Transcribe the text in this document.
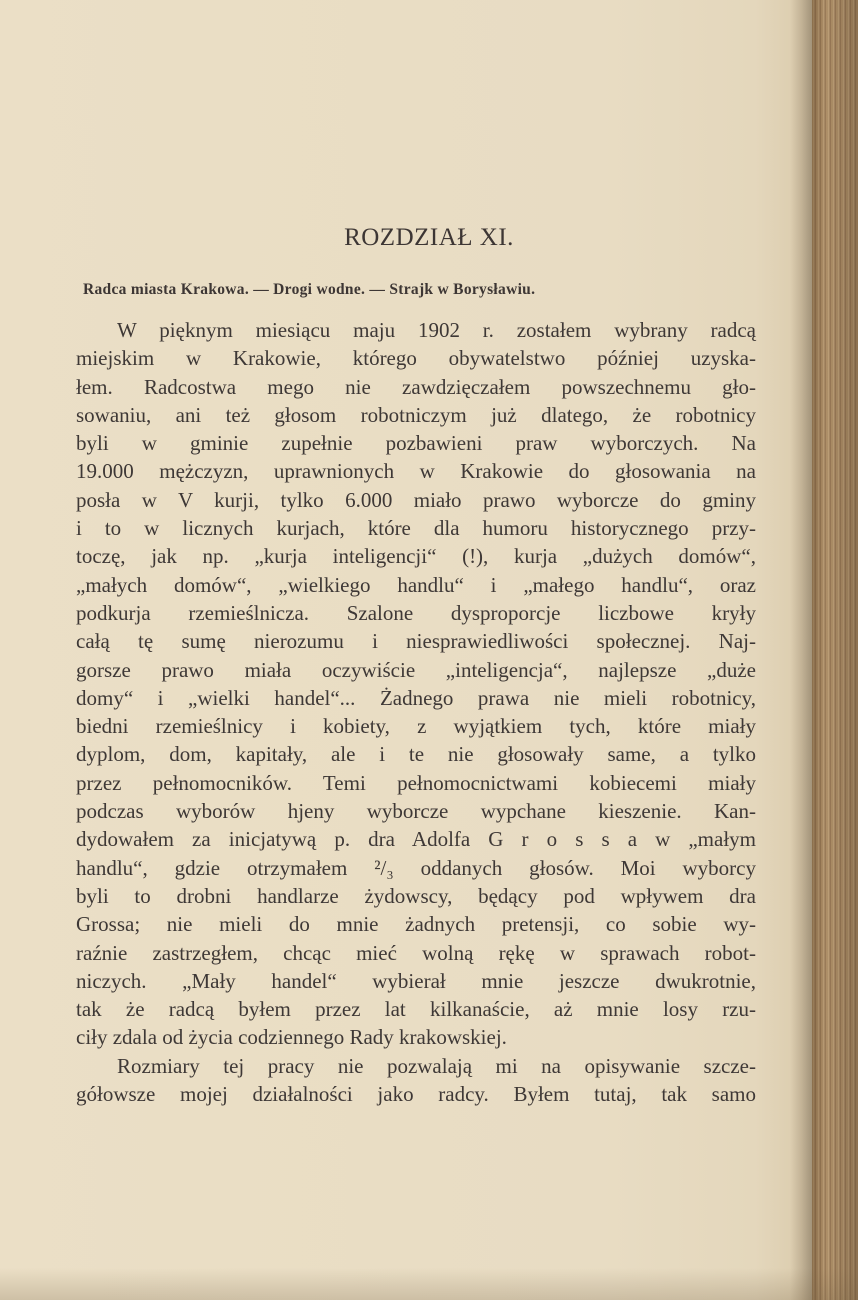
ROZDZIAŁ XI.
Radca miasta Krakowa. — Drogi wodne. — Strajk w Borysławiu.
W pięknym miesiącu maju 1902 r. zostałem wybrany radcą
miejskim w Krakowie, którego obywatelstwo później uzyska-
łem. Radcostwa mego nie zawdzięczałem powszechnemu gło-
sowaniu, ani też głosom robotniczym już dlatego, że robotnicy
byli w gminie zupełnie pozbawieni praw wyborczych. Na
19.000 mężczyzn, uprawnionych w Krakowie do głosowania na
posła w V kurji, tylko 6.000 miało prawo wyborcze do gminy
i to w licznych kurjach, które dla humoru historycznego przy-
toczę, jak np. „kurja inteligencji“ (!), kurja „dużych domów“,
„małych domów“, „wielkiego handlu“ i „małego handlu“, oraz
podkurja rzemieślnicza. Szalone dysproporcje liczbowe kryły
całą tę sumę nierozumu i niesprawiedliwości społecznej. Naj-
gorsze prawo miała oczywiście „inteligencja“, najlepsze „duże
domy“ i „wielki handel“... Żadnego prawa nie mieli robotnicy,
biedni rzemieślnicy i kobiety, z wyjątkiem tych, które miały
dyplom, dom, kapitały, ale i te nie głosowały same, a tylko
przez pełnomocników. Temi pełnomocnictwami kobiecemi miały
podczas wyborów hjeny wyborcze wypchane kieszenie. Kan-
dydowałem za inicjatywą p. dra Adolfa G r o s s a w „małym
handlu“, gdzie otrzymałem ²/₃ oddanych głosów. Moi wyborcy
byli to drobni handlarze żydowscy, będący pod wpływem dra
Grossa; nie mieli do mnie żadnych pretensji, co sobie wy-
raźnie zastrzegłem, chcąc mieć wolną rękę w sprawach robot-
niczych. „Mały handel“ wybierał mnie jeszcze dwukrotnie,
tak że radcą byłem przez lat kilkanaście, aż mnie losy rzu-
ciły zdala od życia codziennego Rady krakowskiej.
Rozmiary tej pracy nie pozwalają mi na opisywanie szcze-
gółowsze mojej działalności jako radcy. Byłem tutaj, tak samo
